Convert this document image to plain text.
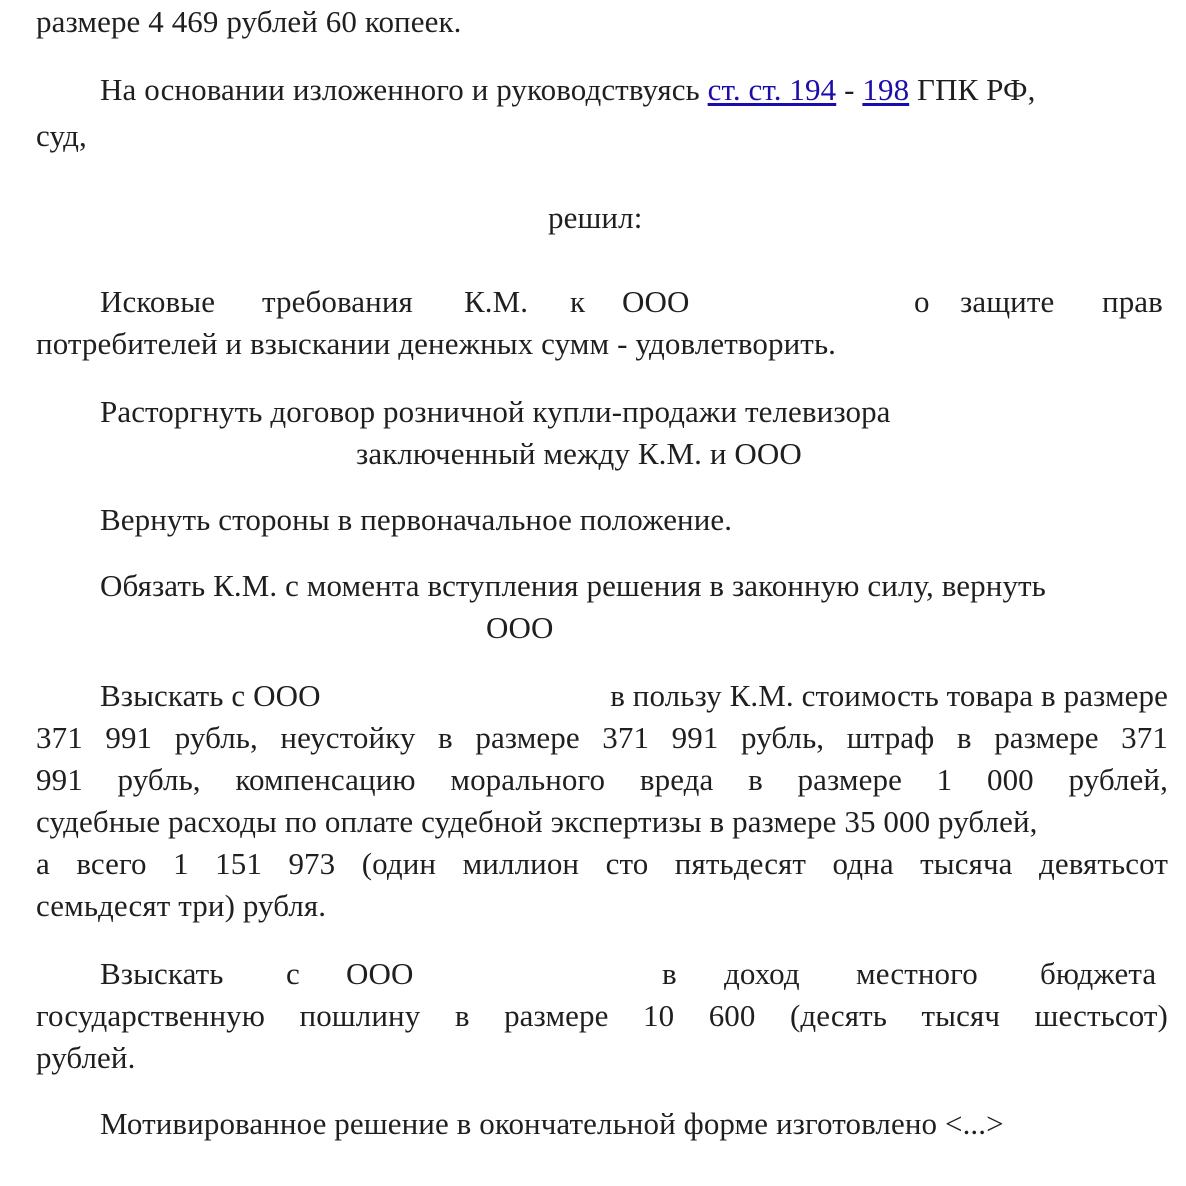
размере 4 469 рублей 60 копеек.
На основании изложенного и руководствуясь ст. ст. 194 - 198 ГПК РФ,
суд,
решил:
Исковые требования К.М. к ООО	о защите прав
потребителей и взыскании денежных сумм - удовлетворить.
Расторгнуть договор розничной купли-продажи телевизора
заключенный между К.М. и ООО
Вернуть стороны в первоначальное положение.
Обязать К.М. с момента вступления решения в законную силу, вернуть
ООО
Взыскать с ООО	в пользу К.М. стоимость товара в размере
371 991 рубль, неустойку в размере 371 991 рубль, штраф в размере 371
991 рубль, компенсацию морального вреда в размере 1 000 рублей,
судебные расходы по оплате судебной экспертизы в размере 35 000 рублей,
а всего 1 151 973 (один миллион сто пятьдесят одна тысяча девятьсот
семьдесят три) рубля.
Взыскать с ООО	в доход местного бюджета
государственную пошлину в размере 10 600 (десять тысяч шестьсот)
рублей.
Мотивированное решение в окончательной форме изготовлено <...>
